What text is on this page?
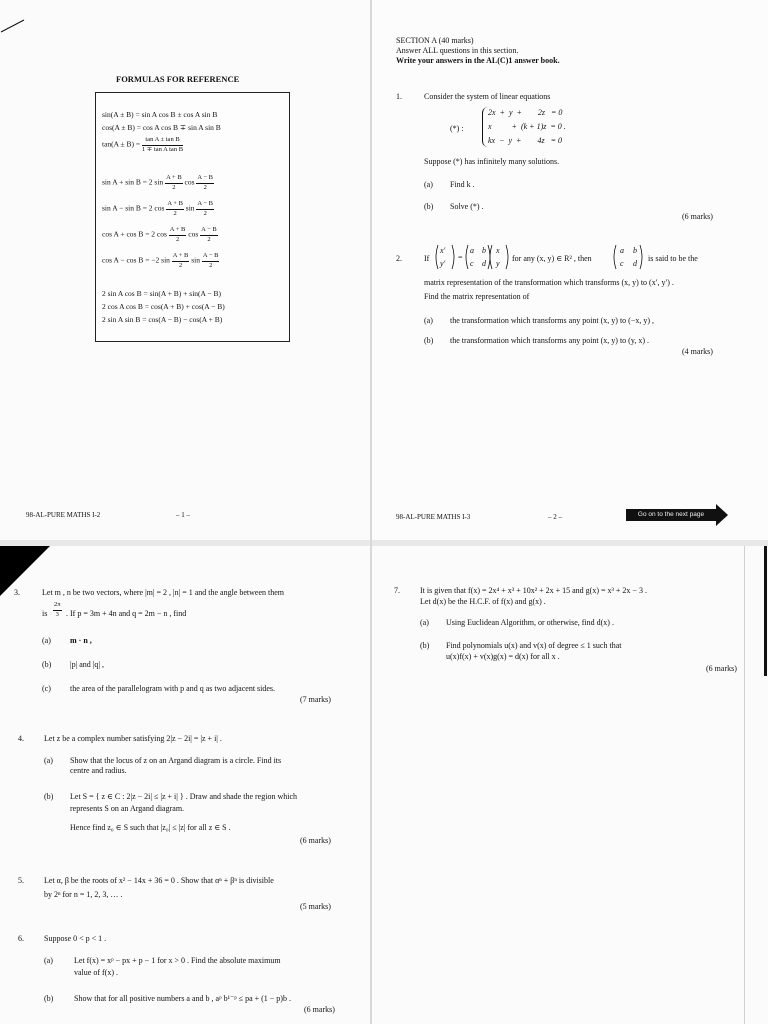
FORMULAS FOR REFERENCE
sin(A ± B) = sin A cos B ± cos A sin B
cos(A ± B) = cos A cos B ∓ sin A sin B
$\tan(A \pm B) = \frac{\text{tan A ± tan B}}{\text{1 ∓ tan A tan B}}$
sin A + sin B = 2 $\sin \frac{A + B}{2}$ $\cos \frac{A - B}{2}$
sin A − sin B = 2 $\cos \frac{A + B}{2}$ $\sin \frac{A - B}{2}$
cos A + cos B = 2 $\cos \frac{A + B}{2}$ $\cos \frac{A - B}{2}$
cos A − cos B = −2 $\sin \frac{A + B}{2}$ $\sin \frac{A - B}{2}$
2 sin A cos B = sin(A + B) + sin(A − B)
2 cos A cos B = cos(A + B) + cos(A − B)
2 sin A sin B = cos(A − B) − cos(A + B)
98-AL-PURE MATHS I-2	– 1 –
SECTION A (40 marks)
Answer ALL questions in this section.
Write your answers in the AL(C)1 answer book.
1.	Consider the system of linear equations
(*) :
2x  +  y  +        2z   = 0
x          +  (k + 1)z  = 0 .
kx  −  y  +        4z   = 0
Suppose (*) has infinitely many solutions.
(a) Find k .
(b) Solve (*) .
(6 marks)
2.	If
x′
y′
=
a b
c d
x
y
for any (x, y) ∈ R² , then
a b
c d
is said to be the
matrix representation of the transformation which transforms (x, y) to (x′, y′) .
Find the matrix representation of
(a) the transformation which transforms any point (x, y) to (−x, y) ,
(b) the transformation which transforms any point (x, y) to (y, x) .
(4 marks)
98-AL-PURE MATHS I-3	– 2 –	Go on to the next page
3.	Let m , n be two vectors, where |m| = 2 , |n| = 1 and the angle between them
is $\frac{2\pi}{3}$ . If p = 3m + 4n and q = 2m − n , find
(a) m · n ,
(b) |p| and |q| ,
(c) the area of the parallelogram with p and q as two adjacent sides.
(7 marks)
4.	Let z be a complex number satisfying 2|z − 2i| = |z + i| .
(a) Show that the locus of z on an Argand diagram is a circle. Find its
centre and radius.
(b) Let S = { z ∈ C : 2|z − 2i| ≤ |z + i| } . Draw and shade the region which
represents S on an Argand diagram.
Hence find z₀ ∈ S such that |z₀| ≤ |z| for all z ∈ S .
(6 marks)
5.	Let α, β be the roots of x² − 14x + 36 = 0 . Show that αⁿ + βⁿ is divisible
by 2ⁿ for n = 1, 2, 3, … .
(5 marks)
6.	Suppose 0 < p < 1 .
(a)	Let f(x) = xᵖ − px + p − 1 for x > 0 . Find the absolute maximum
value of f(x) .
(b)	Show that for all positive numbers a and b , aᵖ b¹⁻ᵖ ≤ pa + (1 − p)b .
(6 marks)
7.	It is given that f(x) = 2x⁴ + x³ + 10x² + 2x + 15 and g(x) = x³ + 2x − 3 .
Let d(x) be the H.C.F. of f(x) and g(x) .
(a) Using Euclidean Algorithm, or otherwise, find d(x) .
(b) Find polynomials u(x) and v(x) of degree ≤ 1 such that
u(x)f(x) + v(x)g(x) = d(x) for all x .
(6 marks)
